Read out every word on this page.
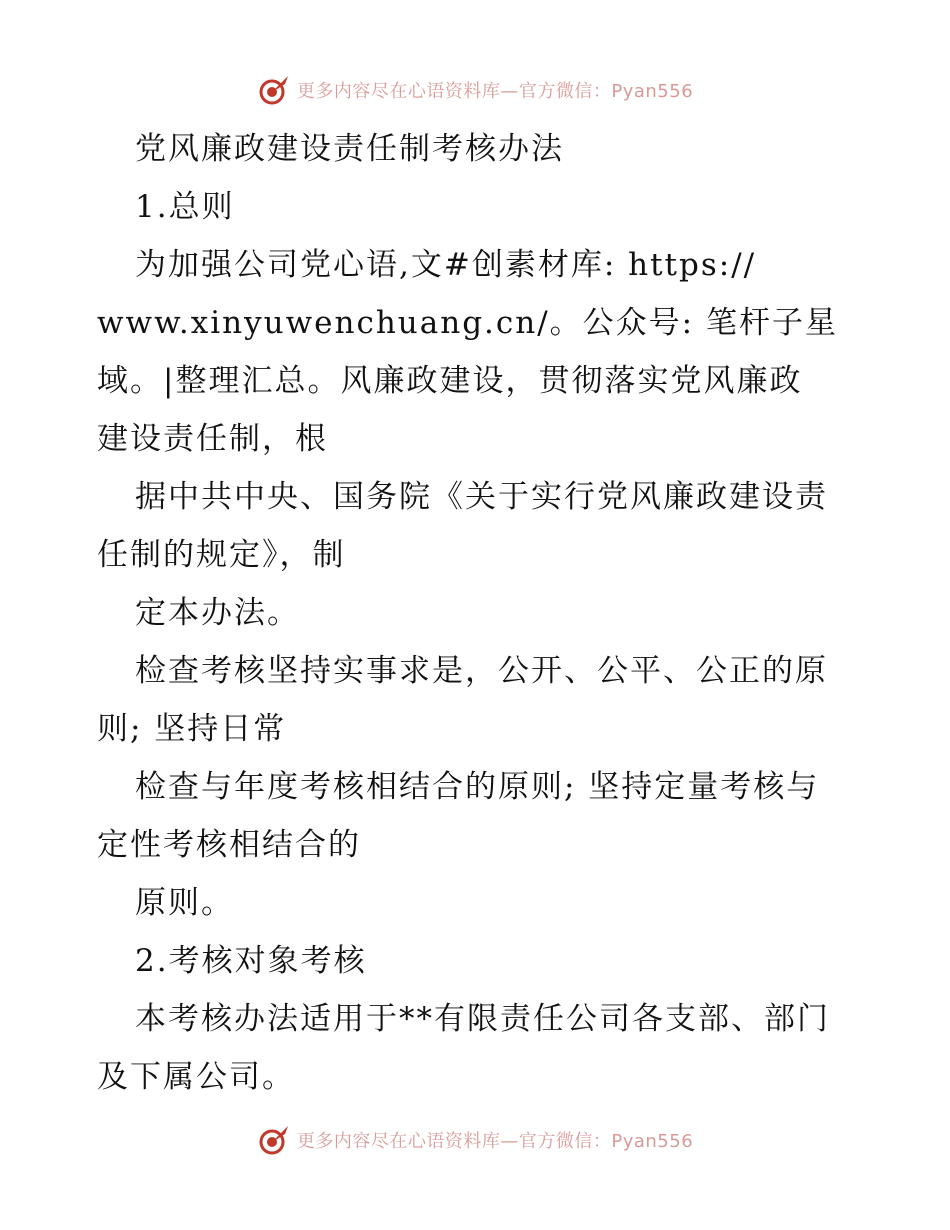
更多内容尽在心语资料库—官方微信：Pyan556
党风廉政建设责任制考核办法
1.总则
为加强公司党心语,文#创素材库: https://
www.xinyuwenchuang.cn/。公众号: 笔杆子星
域。|整理汇总。风廉政建设，贯彻落实党风廉政
建设责任制，根
据中共中央、国务院《关于实行党风廉政建设责
任制的规定》，制
定本办法。
检查考核坚持实事求是，公开、公平、公正的原
则; 坚持日常
检查与年度考核相结合的原则; 坚持定量考核与
定性考核相结合的
原则。
2.考核对象考核
本考核办法适用于**有限责任公司各支部、部门
及下属公司。
更多内容尽在心语资料库—官方微信：Pyan556
